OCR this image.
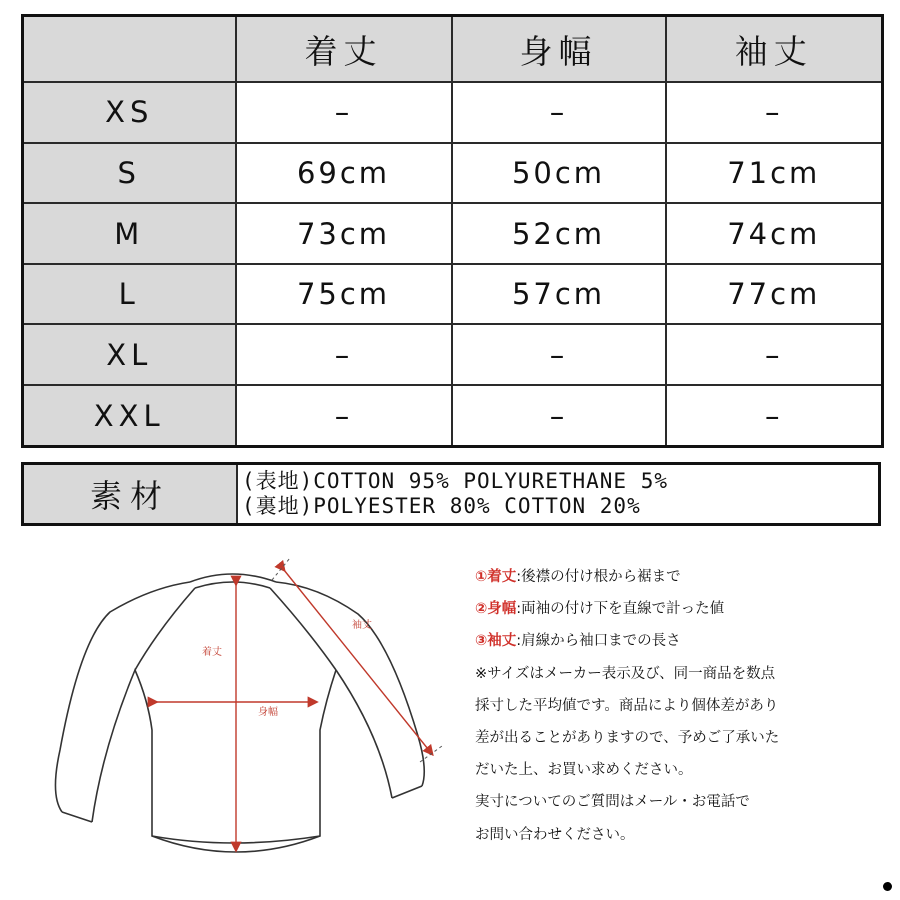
	着丈	身幅	袖丈
XS	–	–	–
S	69cm	50cm	71cm
M	73cm	52cm	74cm
L	75cm	57cm	77cm
XL	–	–	–
XXL	–	–	–
素材	(表地)COTTON 95% POLYURETHANE 5%
(裏地)POLYESTER 80% COTTON 20%
着丈
身幅
袖丈

①着丈:後襟の付け根から裾まで

②身幅:両袖の付け下を直線で計った値

③袖丈:肩線から袖口までの長さ

※サイズはメーカー表示及び、同一商品を数点

採寸した平均値です。商品により個体差があり

差が出ることがありますので、予めご了承いた

だいた上、お買い求めください。

実寸についてのご質問はメール・お電話で

お問い合わせください。
